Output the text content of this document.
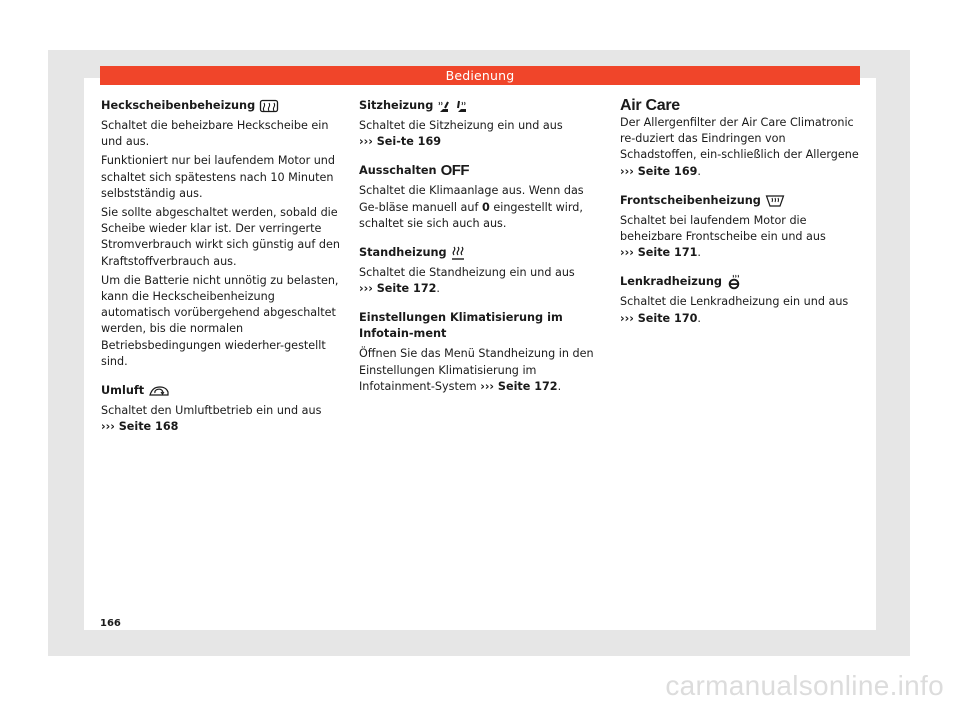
Bedienung
Heckscheibenbeheizung

Schaltet die beheizbare Heckscheibe ein und aus.

Funktioniert nur bei laufendem Motor und schaltet sich spätestens nach 10 Minuten selbstständig aus.

Sie sollte abgeschaltet werden, sobald die Scheibe wieder klar ist. Der verringerte Stromverbrauch wirkt sich günstig auf den Kraftstoffverbrauch aus.

Um die Batterie nicht unnötig zu belasten, kann die Heckscheibenheizung automatisch vorübergehend abgeschaltet werden, bis die normalen Betriebsbedingungen wiederher-gestellt sind.

Umluft

Schaltet den Umluftbetrieb ein und aus
››› Seite 168

Sitzheizung

Schaltet die Sitzheizung ein und aus ››› Sei-te 169

Ausschalten OFF

Schaltet die Klimaanlage aus. Wenn das Ge-bläse manuell auf 0 eingestellt wird, schaltet sie sich auch aus.

Standheizung

Schaltet die Standheizung ein und aus
››› Seite 172.

Einstellungen Klimatisierung im Infotain-ment

Öffnen Sie das Menü Standheizung in den Einstellungen Klimatisierung im Infotainment-System ››› Seite 172.

Air Care

Der Allergenfilter der Air Care Climatronic re-duziert das Eindringen von Schadstoffen, ein-schließlich der Allergene ››› Seite 169.

Frontscheibenheizung

Schaltet bei laufendem Motor die beheizbare Frontscheibe ein und aus ››› Seite 171.

Lenkradheizung

Schaltet die Lenkradheizung ein und aus
››› Seite 170.

166
carmanualsonline.info
